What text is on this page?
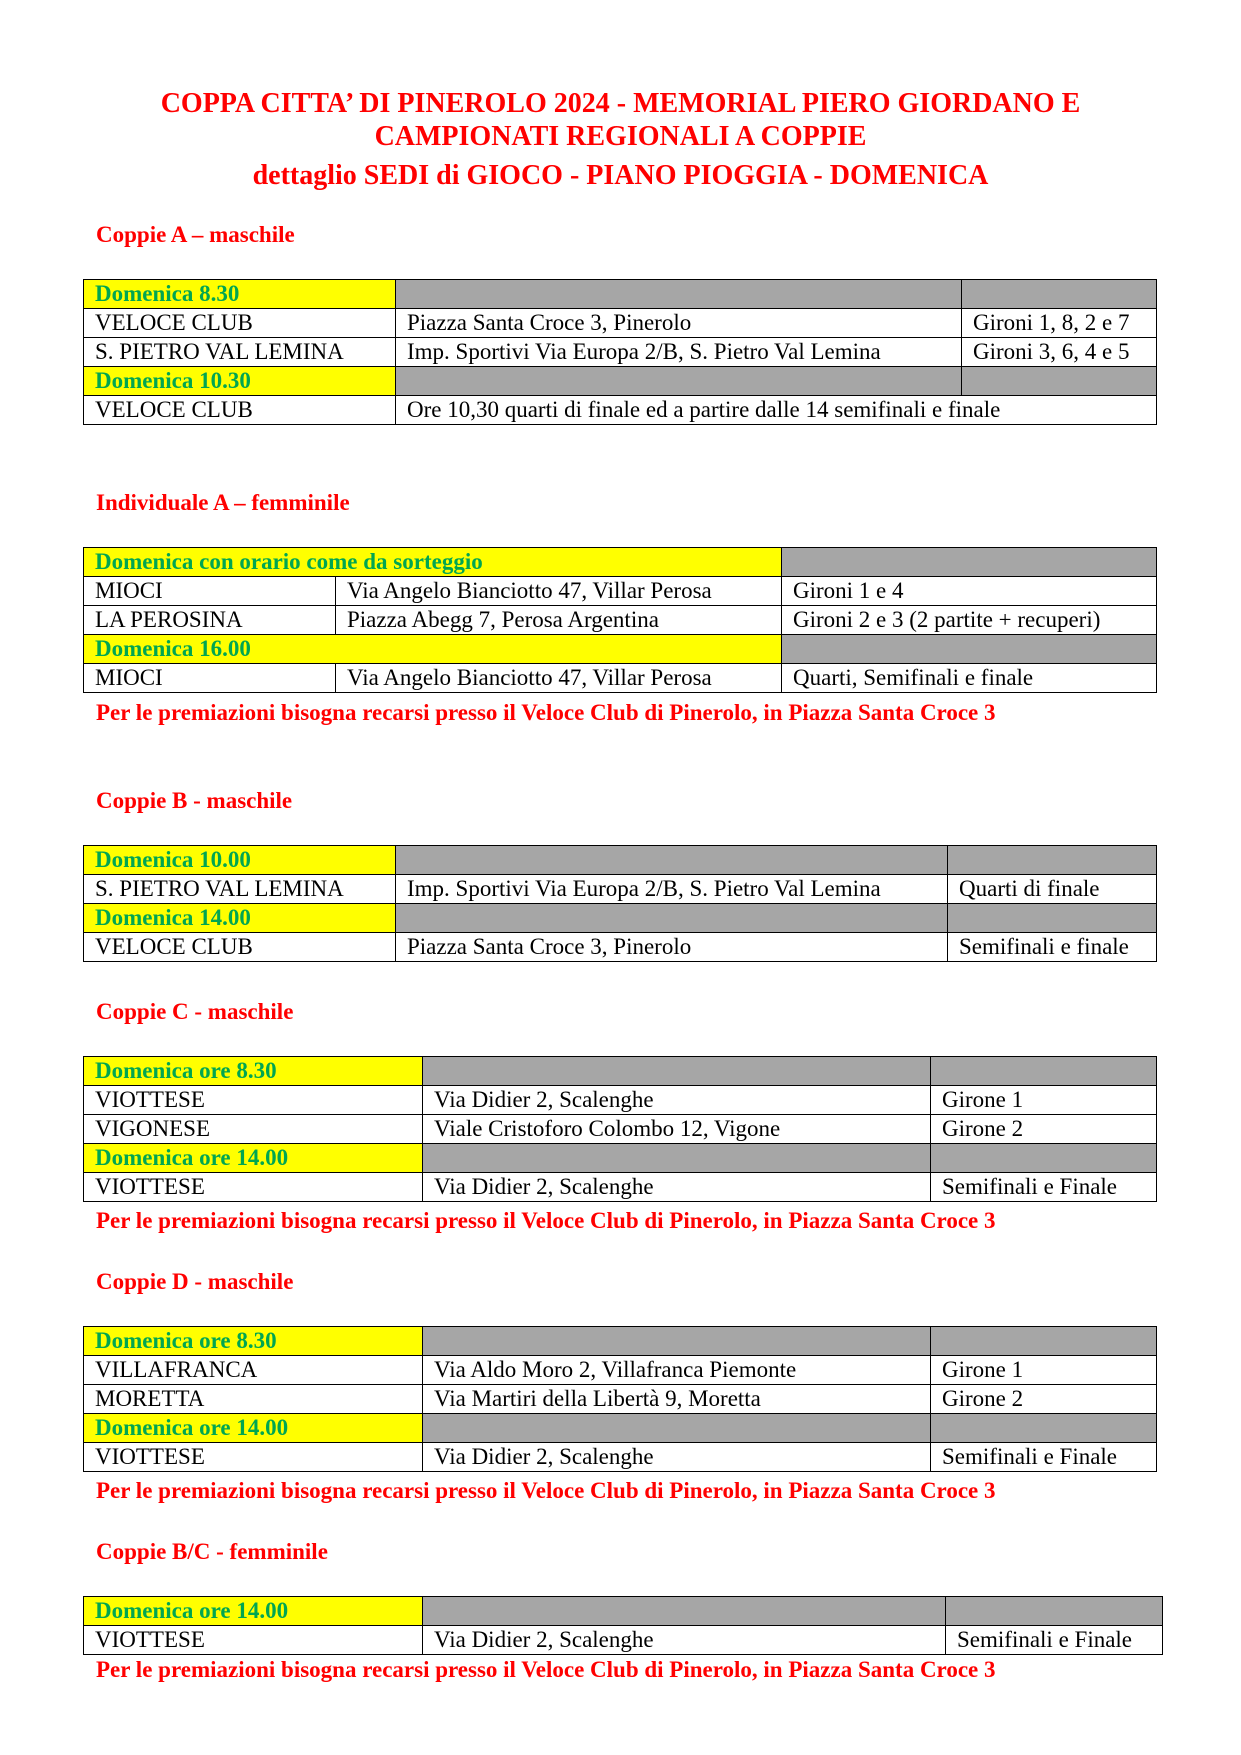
COPPA CITTA’ DI PINEROLO 2024 - MEMORIAL PIERO GIORDANO E
CAMPIONATI REGIONALI A COPPIE
dettaglio SEDI di GIOCO - PIANO PIOGGIA - DOMENICA
Coppie A – maschile
Domenica 8.30		
VELOCE CLUB	Piazza Santa Croce 3, Pinerolo	Gironi 1, 8, 2 e 7
S. PIETRO VAL LEMINA	Imp. Sportivi Via Europa 2/B, S. Pietro Val Lemina	Gironi 3, 6, 4 e 5
Domenica 10.30		
VELOCE CLUB	Ore 10,30 quarti di finale ed a partire dalle 14 semifinali e finale	
Individuale A – femminile
Domenica con orario come da sorteggio		
MIOCI	Via Angelo Bianciotto 47, Villar Perosa	Gironi 1 e 4
LA PEROSINA	Piazza Abegg 7, Perosa Argentina	Gironi 2 e 3 (2 partite + recuperi)
Domenica 16.00		
MIOCI	Via Angelo Bianciotto 47, Villar Perosa	Quarti, Semifinali e finale
Per le premiazioni bisogna recarsi presso il Veloce Club di Pinerolo, in Piazza Santa Croce 3
Coppie B - maschile
Domenica 10.00		
S. PIETRO VAL LEMINA	Imp. Sportivi Via Europa 2/B, S. Pietro Val Lemina	Quarti di finale
Domenica 14.00		
VELOCE CLUB	Piazza Santa Croce 3, Pinerolo	Semifinali e finale
Coppie C - maschile
Domenica ore 8.30		
VIOTTESE	Via Didier 2, Scalenghe	Girone 1
VIGONESE	Viale Cristoforo Colombo 12, Vigone	Girone 2
Domenica ore 14.00		
VIOTTESE	Via Didier 2, Scalenghe	Semifinali e Finale
Per le premiazioni bisogna recarsi presso il Veloce Club di Pinerolo, in Piazza Santa Croce 3
Coppie D - maschile
Domenica ore 8.30		
VILLAFRANCA	Via Aldo Moro 2, Villafranca Piemonte	Girone 1
MORETTA	Via Martiri della Libertà 9, Moretta	Girone 2
Domenica ore 14.00		
VIOTTESE	Via Didier 2, Scalenghe	Semifinali e Finale
Per le premiazioni bisogna recarsi presso il Veloce Club di Pinerolo, in Piazza Santa Croce 3
Coppie B/C - femminile
Domenica ore 14.00		
VIOTTESE	Via Didier 2, Scalenghe	Semifinali e Finale
Per le premiazioni bisogna recarsi presso il Veloce Club di Pinerolo, in Piazza Santa Croce 3
